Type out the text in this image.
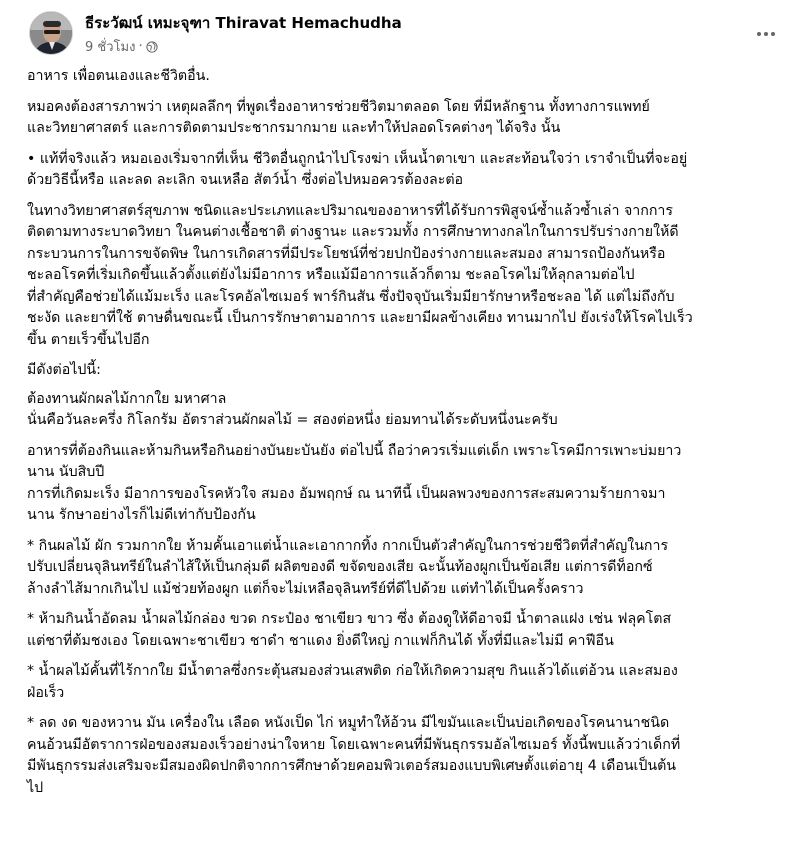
ธีระวัฒน์ เหมะจุฑา Thiravat Hemachudha
9 ชั่วโมง ·

อาหาร เพื่อตนเองและชีวิตอื่น.

หมอคงต้องสารภาพว่า เหตุผลลึกๆ ที่พูดเรื่องอาหารช่วยชีวิตมาตลอด โดย ที่มีหลักฐาน ทั้งทางการแพทย์
และวิทยาศาสตร์ และการติดตามประชากรมากมาย และทำให้ปลอดโรคต่างๆ ได้จริง นั้น

• แท้ที่จริงแล้ว หมอเองเริ่มจากที่เห็น ชีวิตอื่นถูกนำไปโรงฆ่า เห็นน้ำตาเขา และสะท้อนใจว่า เราจำเป็นที่จะอยู่
ด้วยวิธีนี้หรือ และลด ละเลิก จนเหลือ สัตว์น้ำ ซึ่งต่อไปหมอควรต้องละต่อ

ในทางวิทยาศาสตร์สุขภาพ ชนิดและประเภทและปริมาณของอาหารที่ได้รับการพิสูจน์ซ้ำแล้วซ้ำเล่า จากการ
ติดตามทางระบาดวิทยา ในคนต่างเชื้อชาติ ต่างฐานะ และรวมทั้ง การศึกษาทางกลไกในการปรับร่างกายให้ดี
กระบวนการในการขจัดพิษ ในการเกิดสารที่มีประโยชน์ที่ช่วยปกป้องร่างกายและสมอง สามารถป้องกันหรือ
ชะลอโรคที่เริ่มเกิดขึ้นแล้วตั้งแต่ยังไม่มีอาการ หรือแม้มีอาการแล้วก็ตาม ชะลอโรคไม่ให้ลุกลามต่อไป
ที่สำคัญคือช่วยได้แม้มะเร็ง และโรคอัลไซเมอร์ พาร์กินสัน ซึ่งปัจจุบันเริ่มมียารักษาหรือชะลอ ได้ แต่ไม่ถึงกับ
ชะงัด และยาที่ใช้ ตาษดื่นขณะนี้ เป็นการรักษาตามอาการ และยามีผลข้างเคียง ทานมากไป ยังเร่งให้โรคไปเร็ว
ขึ้น ตายเร็วขึ้นไปอีก

มีดังต่อไปนี้:

ต้องทานผักผลไม้กากใย มหาศาล
นั่นคือวันละครึ่ง กิโลกรัม อัตราส่วนผักผลไม้ = สองต่อหนึ่ง ย่อมทานได้ระดับหนึ่งนะครับ

อาหารที่ต้องกินและห้ามกินหรือกินอย่างบันยะบันยัง ต่อไปนี้ ถือว่าควรเริ่มแต่เด็ก เพราะโรคมีการเพาะบ่มยาว
นาน นับสิบปี
การที่เกิดมะเร็ง มีอาการของโรคหัวใจ สมอง อัมพฤกษ์ ณ นาทีนี้ เป็นผลพวงของการสะสมความร้ายกาจมา
นาน รักษาอย่างไรก็ไม่ดีเท่ากับป้องกัน

* กินผลไม้ ผัก รวมกากใย ห้ามคั้นเอาแต่น้ำและเอากากทิ้ง กากเป็นตัวสำคัญในการช่วยชีวิตที่สำคัญในการ
ปรับเปลี่ยนจุลินทรีย์ในลำไส้ให้เป็นกลุ่มดี ผลิตของดี ขจัดของเสีย ฉะนั้นท้องผูกเป็นข้อเสีย แต่การดีท็อกซ์
ล้างลำไส้มากเกินไป แม้ช่วยท้องผูก แต่ก็จะไม่เหลือจุลินทรีย์ที่ดีไปด้วย แต่ทำได้เป็นครั้งคราว

* ห้ามกินน้ำอัดลม น้ำผลไม้กล่อง ขวด กระป๋อง ชาเขียว ขาว ซึ่ง ต้องดูให้ดีอาจมี น้ำตาลแฝง เช่น ฟลุคโตส
แต่ชาที่ต้มชงเอง โดยเฉพาะชาเขียว ชาดำ ชาแดง ยิ่งดีใหญ่ กาแฟก็กินได้ ทั้งที่มีและไม่มี คาฟีอีน

* น้ำผลไม้คั้นที่ไร้กากใย มีน้ำตาลซึ่งกระตุ้นสมองส่วนเสพติด ก่อให้เกิดความสุข กินแล้วได้แต่อ้วน และสมอง
ฝ่อเร็ว

* ลด งด ของหวาน มัน เครื่องใน เลือด หนังเป็ด ไก่ หมูทำให้อ้วน มีไขมันและเป็นบ่อเกิดของโรคนานาชนิด
คนอ้วนมีอัตราการฝ่อของสมองเร็วอย่างน่าใจหาย โดยเฉพาะคนที่มีพันธุกรรมอัลไซเมอร์ ทั้งนี้พบแล้วว่าเด็กที่
มีพันธุกรรมส่งเสริมจะมีสมองผิดปกติจากการศึกษาด้วยคอมพิวเตอร์สมองแบบพิเศษตั้งแต่อายุ 4 เดือนเป็นต้น
ไป
